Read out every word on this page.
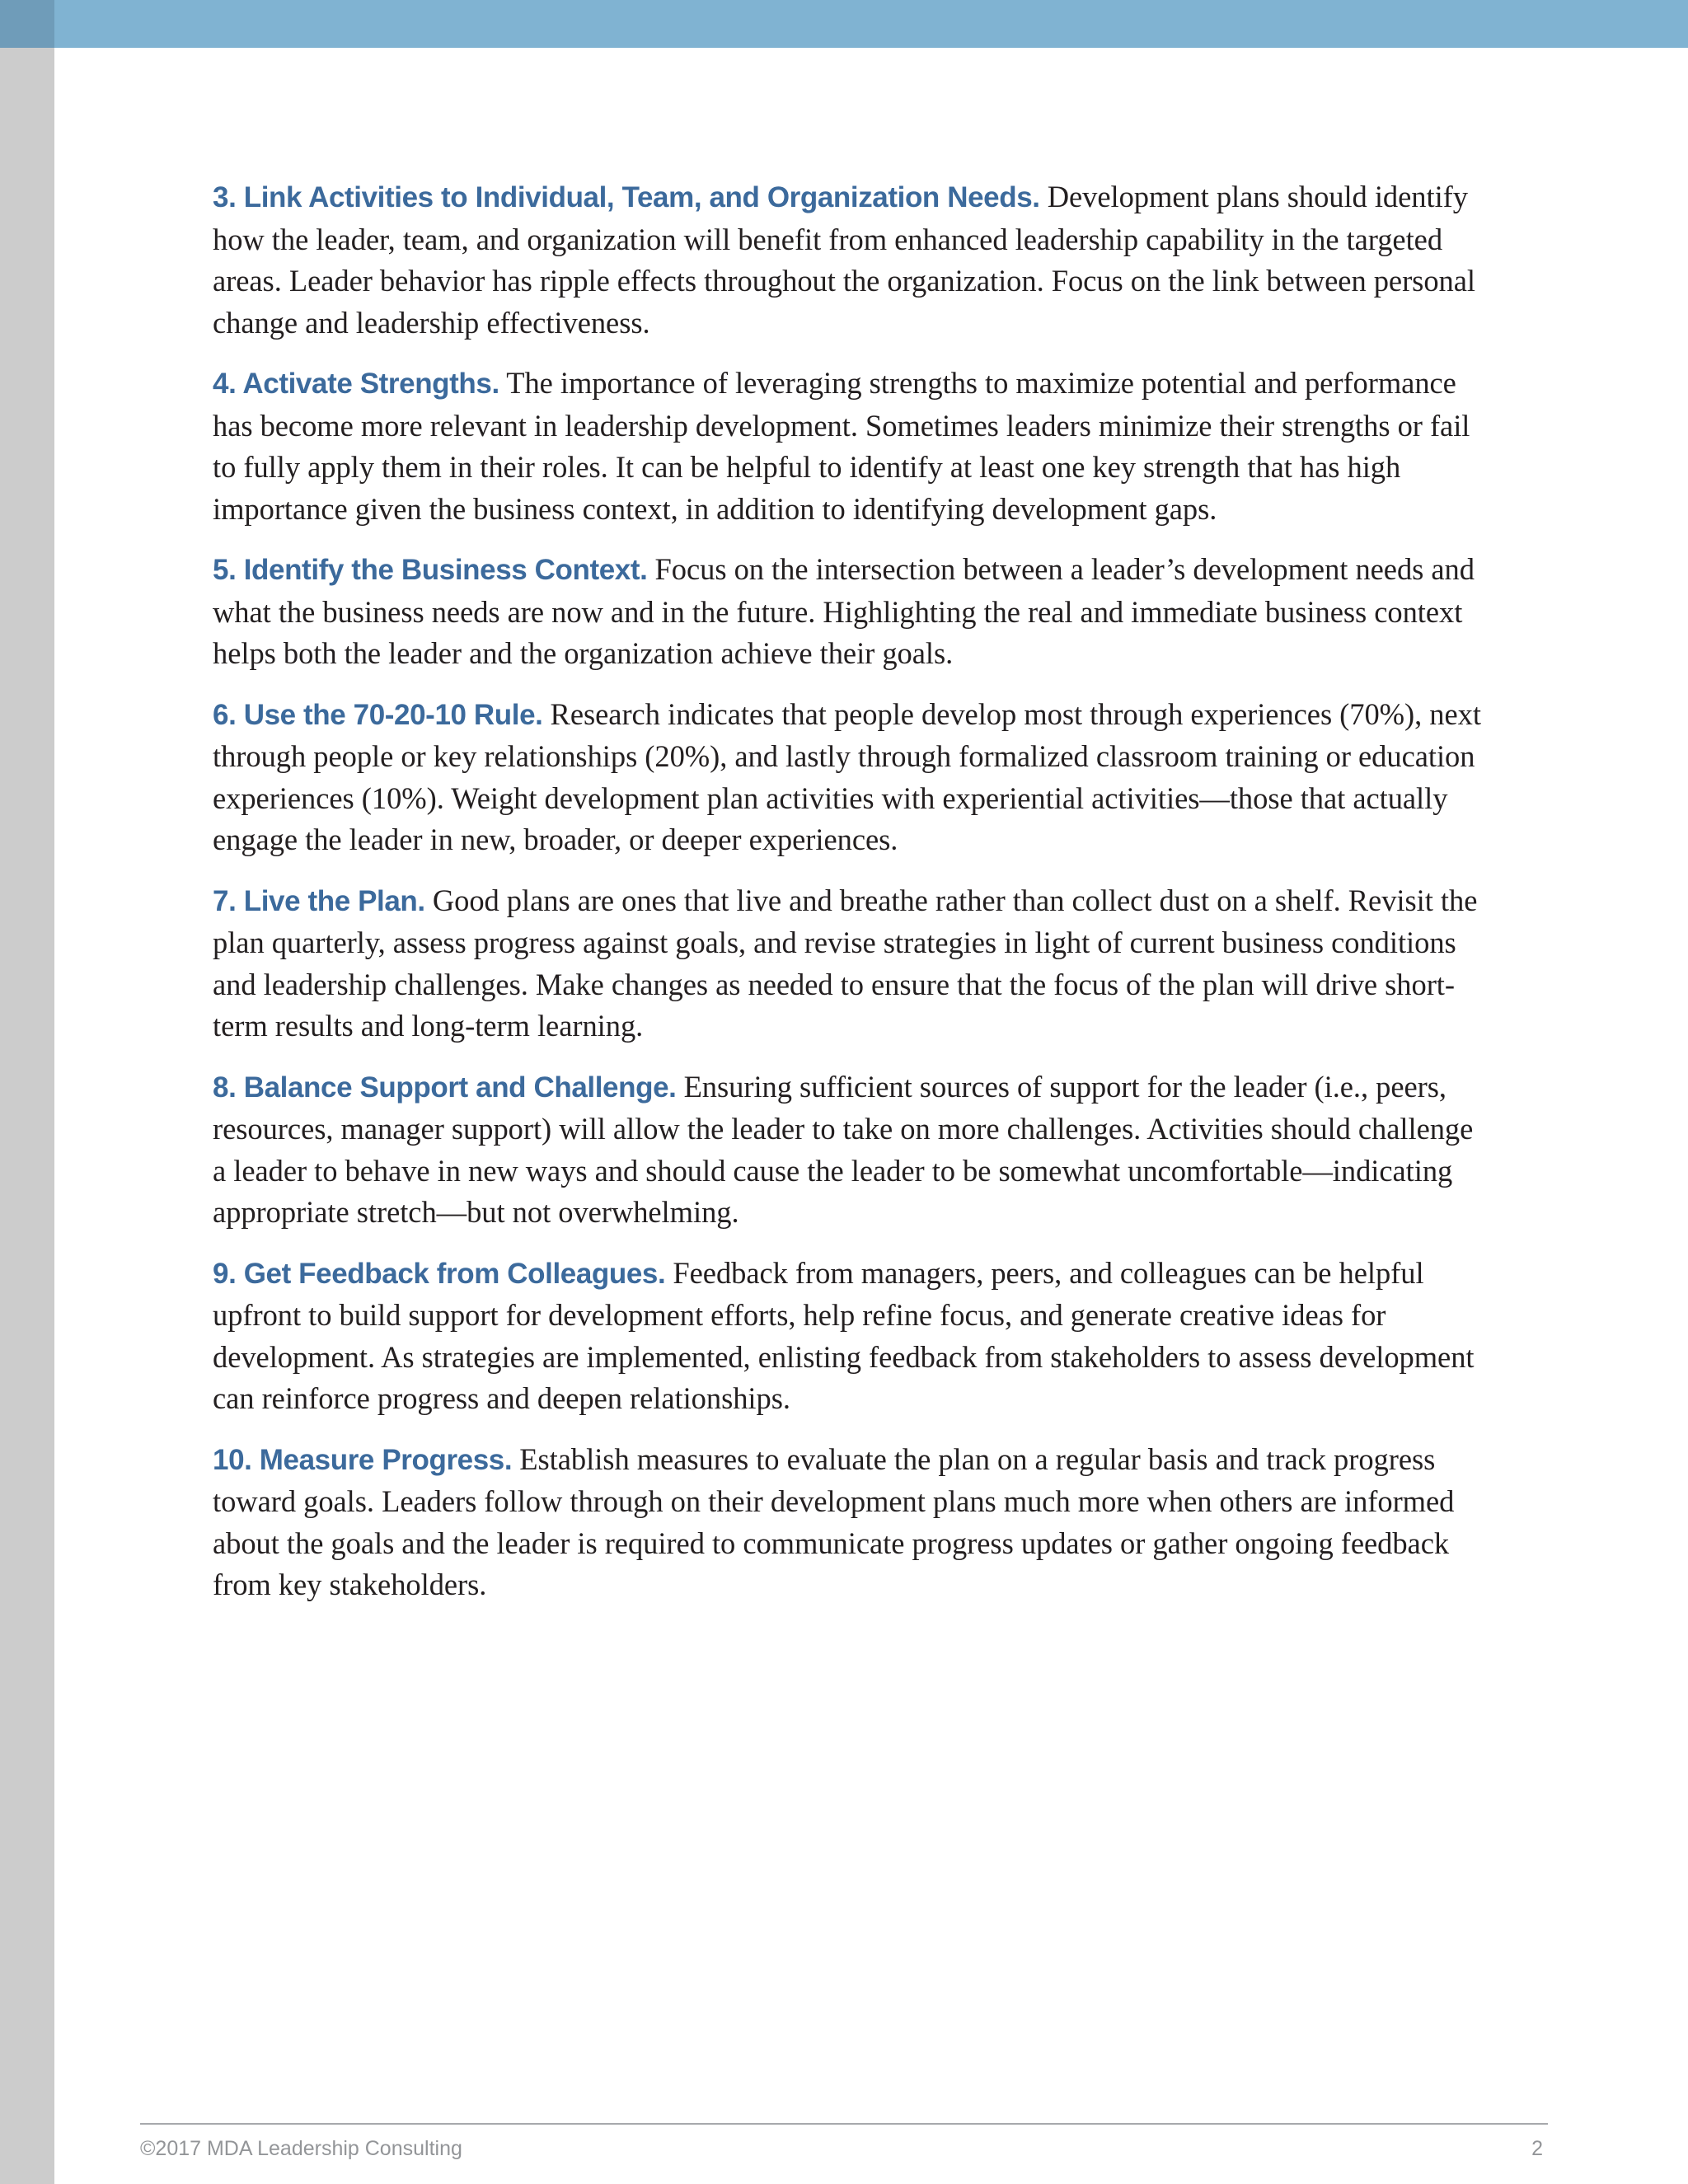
3. Link Activities to Individual, Team, and Organization Needs. Development plans should identify how the leader, team, and organization will benefit from enhanced leadership capability in the targeted areas. Leader behavior has ripple effects throughout the organization. Focus on the link between personal change and leadership effectiveness.

4. Activate Strengths. The importance of leveraging strengths to maximize potential and performance has become more relevant in leadership development. Sometimes leaders minimize their strengths or fail to fully apply them in their roles. It can be helpful to identify at least one key strength that has high importance given the business context, in addition to identifying development gaps.

5. Identify the Business Context. Focus on the intersection between a leader’s development needs and what the business needs are now and in the future. Highlighting the real and immediate business context helps both the leader and the organization achieve their goals.

6. Use the 70-20-10 Rule. Research indicates that people develop most through experiences (70%), next through people or key relationships (20%), and lastly through formalized classroom training or education experiences (10%). Weight development plan activities with experiential activities—those that actually engage the leader in new, broader, or deeper experiences.

7. Live the Plan. Good plans are ones that live and breathe rather than collect dust on a shelf. Revisit the plan quarterly, assess progress against goals, and revise strategies in light of current business conditions and leadership challenges. Make changes as needed to ensure that the focus of the plan will drive short-term results and long-term learning.

8. Balance Support and Challenge. Ensuring sufficient sources of support for the leader (i.e., peers, resources, manager support) will allow the leader to take on more challenges. Activities should challenge a leader to behave in new ways and should cause the leader to be somewhat uncomfortable—indicating appropriate stretch—but not overwhelming.

9. Get Feedback from Colleagues. Feedback from managers, peers, and colleagues can be helpful upfront to build support for development efforts, help refine focus, and generate creative ideas for development. As strategies are implemented, enlisting feedback from stakeholders to assess development can reinforce progress and deepen relationships.

10. Measure Progress. Establish measures to evaluate the plan on a regular basis and track progress toward goals. Leaders follow through on their development plans much more when others are informed about the goals and the leader is required to communicate progress updates or gather ongoing feedback from key stakeholders.

©2017 MDA Leadership Consulting	2
